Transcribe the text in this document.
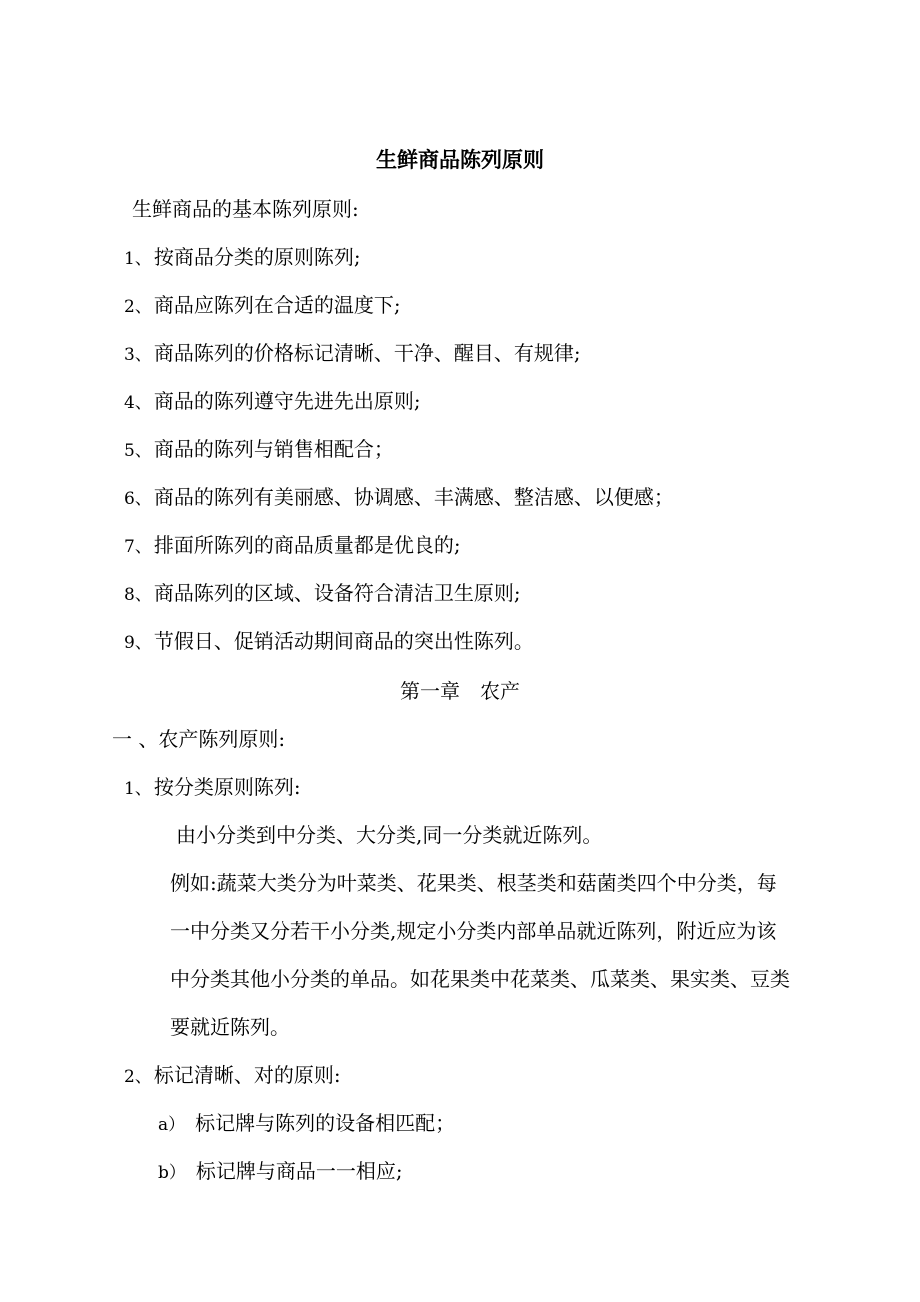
生鲜商品陈列原则
生鲜商品的基本陈列原则:
1、 按商品分类的原则陈列;
2、 商品应陈列在合适的温度下;
3、 商品陈列的价格标记清晰、干净、醒目、有规律;
4、 商品的陈列遵守先进先出原则;
5、 商品的陈列与销售相配合；
6、 商品的陈列有美丽感、协调感、丰满感、整洁感、以便感；
7、 排面所陈列的商品质量都是优良的;
8、 商品陈列的区域、设备符合清洁卫生原则;
9、 节假日、促销活动期间商品的突出性陈列。
第一章　农产
一 、农产陈列原则:
1、 按分类原则陈列:
由小分类到中分类、大分类,同一分类就近陈列。
例如:蔬菜大类分为叶菜类、花果类、根茎类和菇菌类四个中分类，每
一中分类又分若干小分类,规定小分类内部单品就近陈列，附近应为该
中分类其他小分类的单品。如花果类中花菜类、瓜菜类、果实类、豆类
要就近陈列。
2、 标记清晰、对的原则:
a） 标记牌与陈列的设备相匹配；
b） 标记牌与商品一一相应;
